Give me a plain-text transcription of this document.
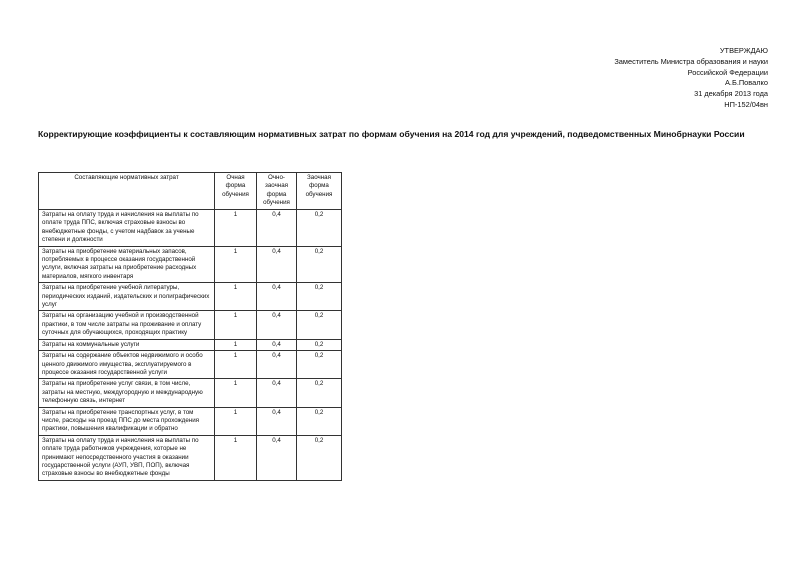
УТВЕРЖДАЮ
Заместитель Министра образования и науки
Российской Федерации
А.Б.Повалко
31 декабря 2013 года
НП-152/04вн
Корректирующие коэффициенты к составляющим нормативных затрат по формам обучения на 2014 год для учреждений, подведомственных Минобрнауки России
Составляющие нормативных затрат	Очная форма обучения	Очно-заочная форма обучения	Заочная форма обучения
Затраты на оплату труда и начисления на выплаты по оплате труда ППС, включая страховые взносы во внебюджетные фонды, с учетом надбавок за ученые степени и должности	1	0,4	0,2
Затраты на приобретение материальных запасов, потребляемых в процессе оказания государственной услуги, включая затраты на приобретение расходных материалов, мягкого инвентаря	1	0,4	0,2
Затраты на приобретение учебной литературы, периодических изданий, издательских и полиграфических услуг	1	0,4	0,2
Затраты на организацию учебной и производственной практики, в том числе затраты на проживание и оплату суточных для обучающихся, проходящих практику	1	0,4	0,2
Затраты на коммунальные услуги	1	0,4	0,2
Затраты на содержание объектов недвижимого и особо ценного движимого имущества, эксплуатируемого в процессе оказания государственной услуги	1	0,4	0,2
Затраты на приобретение услуг связи, в том числе, затраты на местную, междугородную и международную телефонную связь, интернет	1	0,4	0,2
Затраты на приобретение транспортных услуг, в том числе, расходы на проезд ППС до места прохождения практики, повышения квалификации и обратно	1	0,4	0,2
Затраты на оплату труда и начисления на выплаты по оплате труда работников учреждения, которые не принимают непосредственного участия в оказании государственной услуги (АУП, УВП, ПОП), включая страховые взносы во внебюджетные фонды	1	0,4	0,2
